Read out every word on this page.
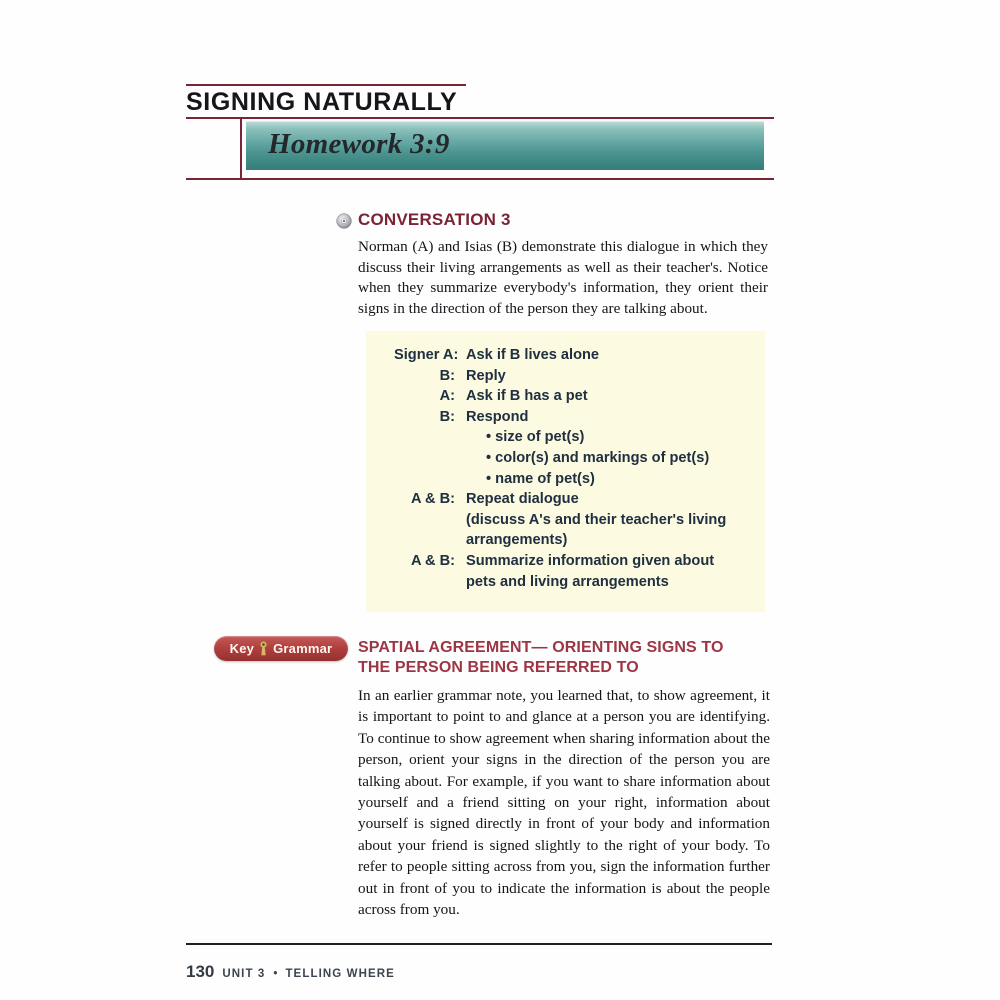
SIGNING NATURALLY
Homework 3:9
CONVERSATION 3

Norman (A) and Isias (B) demonstrate this dialogue in which they discuss their living arrangements as well as their teacher's. Notice when they summarize everybody's information, they orient their signs in the direction of the person they are talking about.

Signer A: Ask if B lives alone
B: Reply
A: Ask if B has a pet
B: Respond
• size of pet(s)
• color(s) and markings of pet(s)
• name of pet(s)
A & B: Repeat dialogue
(discuss A's and their teacher's living
arrangements)
A & B: Summarize information given about
pets and living arrangements
Key Grammar SPATIAL AGREEMENT— ORIENTING SIGNS TO
THE PERSON BEING REFERRED TO

In an earlier grammar note, you learned that, to show agreement, it is important to point to and glance at a person you are identifying. To continue to show agreement when sharing information about the person, orient your signs in the direction of the person you are talking about. For example, if you want to share information about yourself and a friend sitting on your right, information about yourself is signed directly in front of your body and information about your friend is signed slightly to the right of your body. To refer to people sitting across from you, sign the information further out in front of you to indicate the information is about the people across from you.

130 UNIT 3 • TELLING WHERE
